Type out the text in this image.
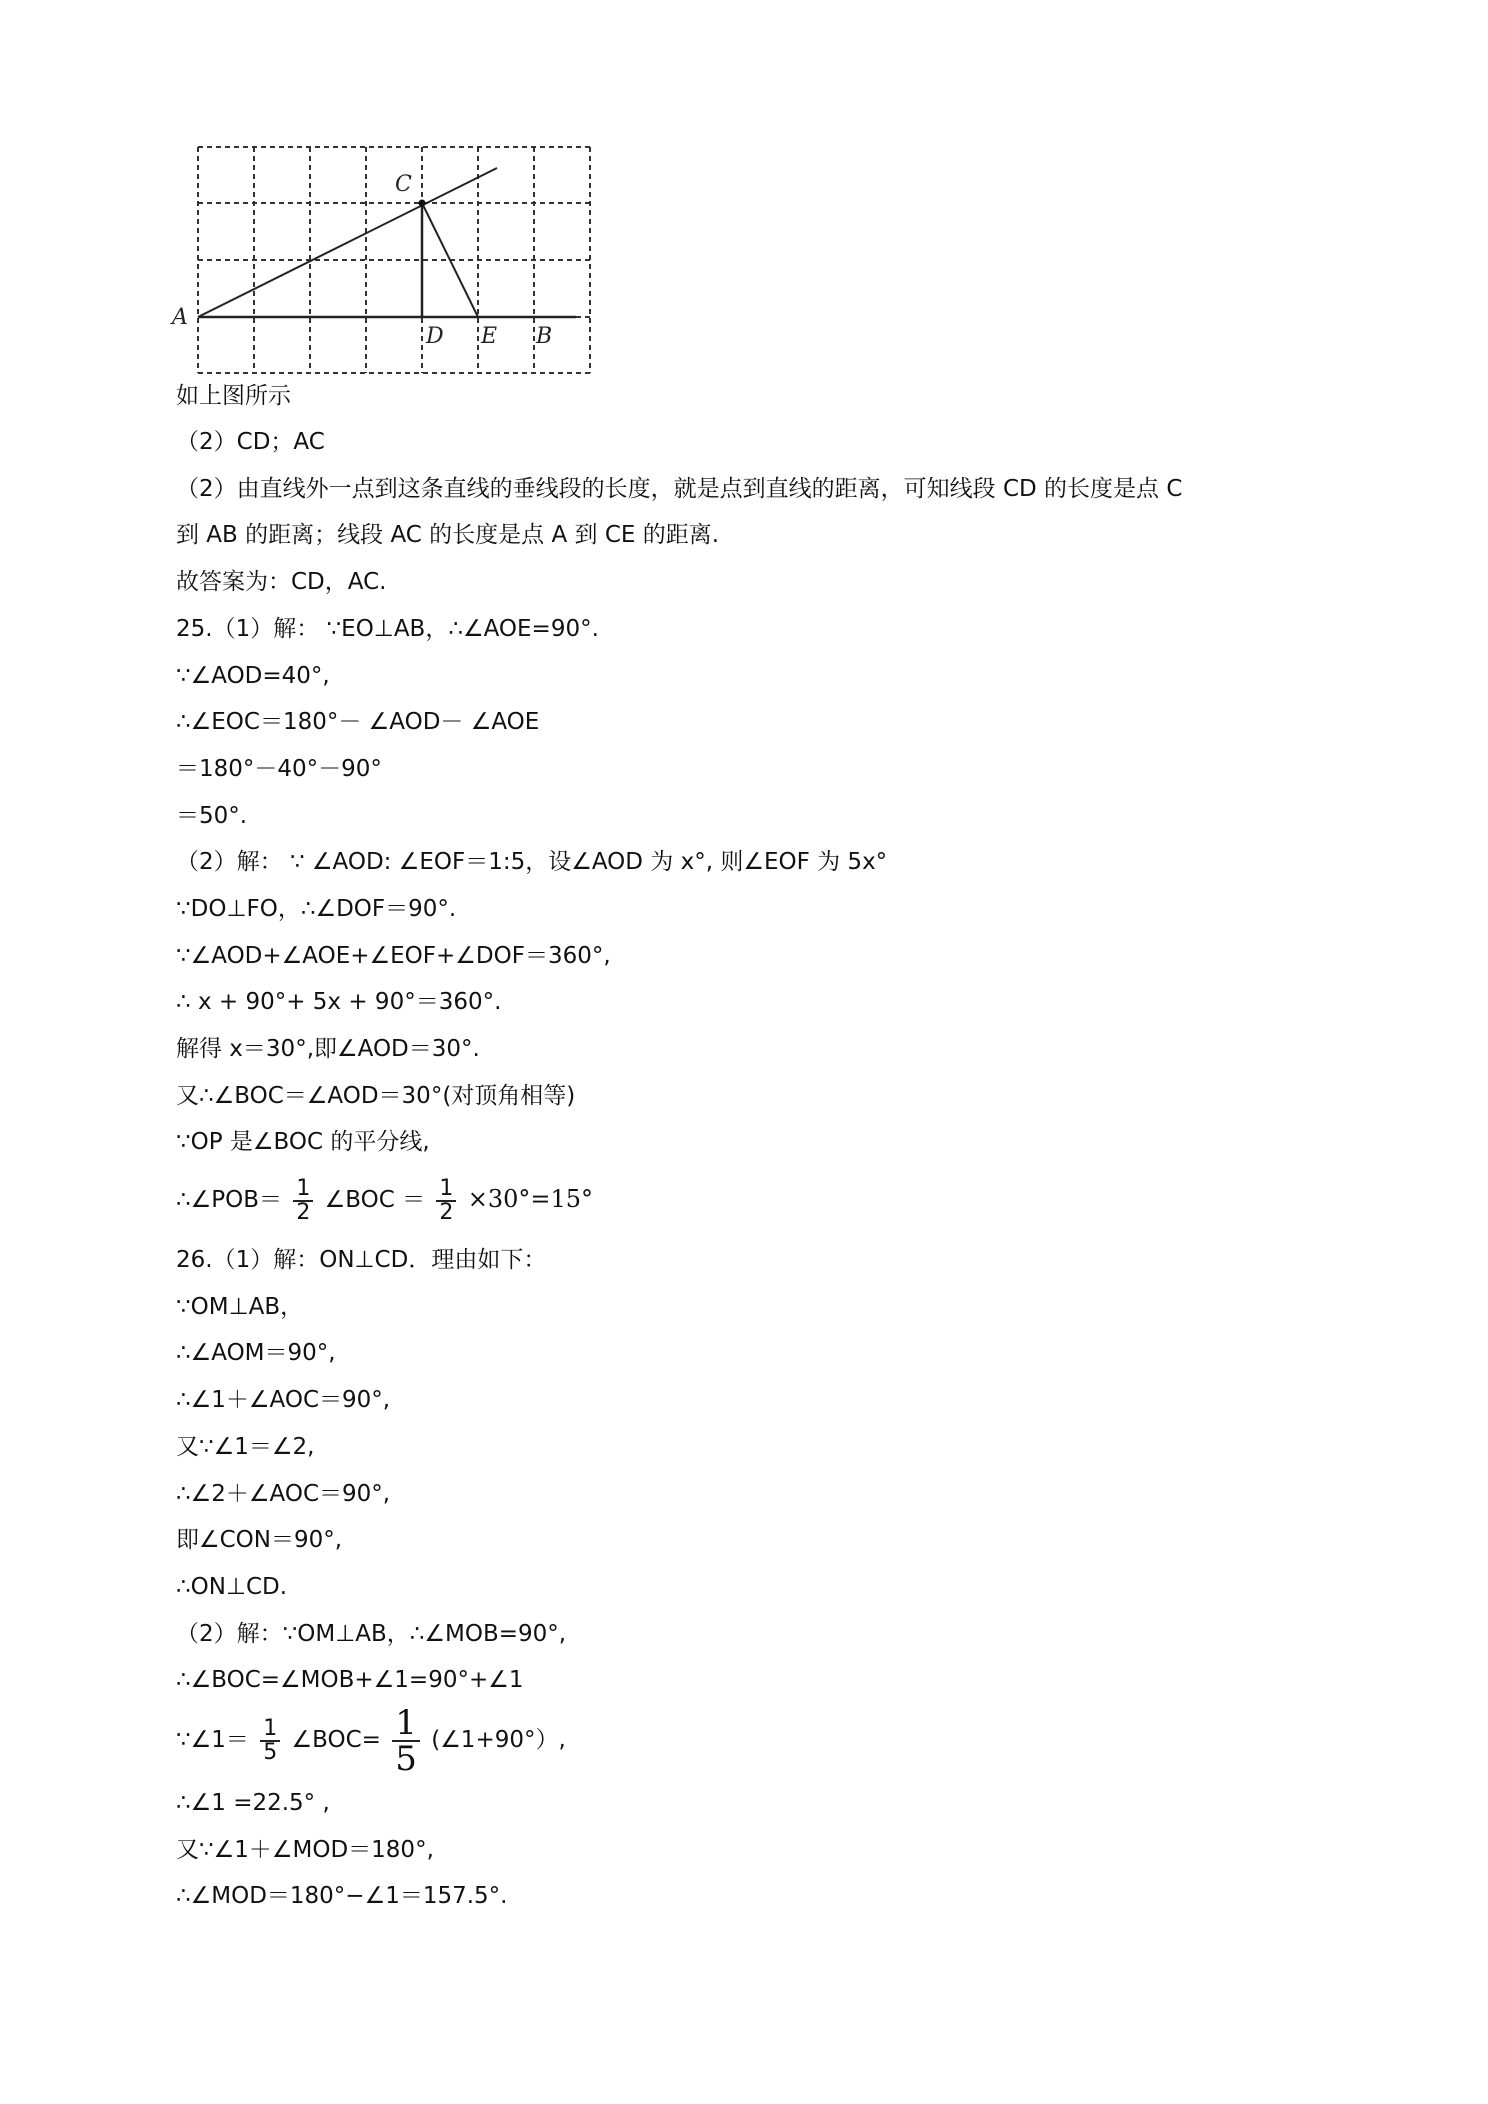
A
B
C
D E
如上图所示
（2）CD；AC
（2）由直线外一点到这条直线的垂线段的长度，就是点到直线的距离，可知线段 CD 的长度是点 C
到 AB 的距离；线段 AC 的长度是点 A 到 CE 的距离.
故答案为：CD，AC.
25.（1）解： ∵EO⊥AB，∴∠AOE=90°.
∵∠AOD=40°,
∴∠EOC＝180°－ ∠AOD－ ∠AOE
＝180°－40°－90°
＝50°.
（2）解： ∵ ∠AOD: ∠EOF＝1:5，设∠AOD 为 x°, 则∠EOF 为 5x°
∵DO⊥FO，∴∠DOF＝90°.
∵∠AOD+∠AOE+∠EOF+∠DOF＝360°,
∴ x + 90°+ 5x + 90°＝360°.
解得 x＝30°,即∠AOD＝30°.
又∴∠BOC＝∠AOD＝30°(对顶角相等)
∵OP 是∠BOC 的平分线,
∴∠POB＝ $\frac{1}{2}$ ∠BOC ＝ $\frac{1}{2} \times 30^\circ=15^\circ$
26.（1）解：ON⊥CD．理由如下：
∵OM⊥AB，
∴∠AOM＝90°,
∴∠1＋∠AOC＝90°,
又∵∠1＝∠2,
∴∠2＋∠AOC＝90°,
即∠CON＝90°,
∴ON⊥CD.
（2）解：∵OM⊥AB，∴∠MOB=90°,
∴∠BOC=∠MOB+∠1=90°+∠1
∵∠1＝ $\frac{1}{5}$ ∠BOC= $\frac{1}{5}$ (∠1+90°）,
∴∠1 =22.5° ,
又∵∠1＋∠MOD＝180°,
∴∠MOD＝180°−∠1＝157.5°.
